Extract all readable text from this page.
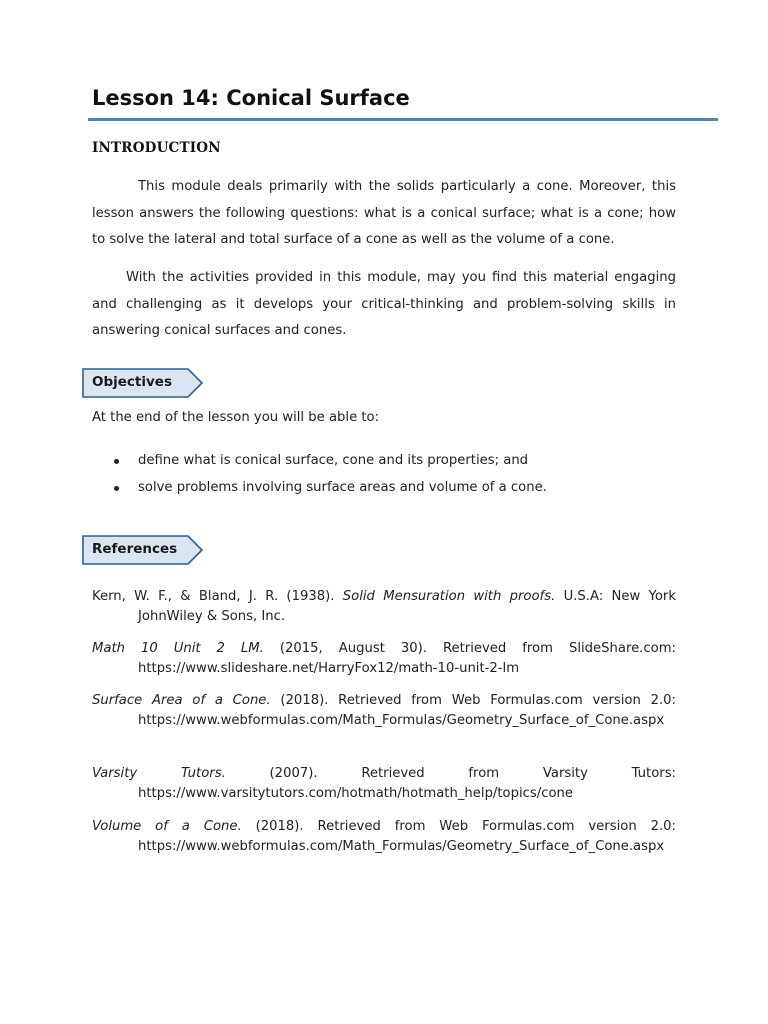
Lesson 14: Conical Surface
INTRODUCTION

This module deals primarily with the solids particularly a cone. Moreover, this lesson answers the following questions: what is a conical surface; what is a cone; how to solve the lateral and total surface of a cone as well as the volume of a cone.

With the activities provided in this module, may you find this material engaging and challenging as it develops your critical-thinking and problem-solving skills in answering conical surfaces and cones.

Objectives

At the end of the lesson you will be able to:

define what is conical surface, cone and its properties; and
solve problems involving surface areas and volume of a cone.
References
Kern, W. F., & Bland, J. R. (1938). Solid Mensuration with proofs. U.S.A: New York
JohnWiley & Sons, Inc.
Math 10 Unit 2 LM. (2015, August 30). Retrieved from SlideShare.com:
https://www.slideshare.net/HarryFox12/math-10-unit-2-lm
Surface Area of a Cone. (2018). Retrieved from Web Formulas.com version 2.0:
https://www.webformulas.com/Math_Formulas/Geometry_Surface_of_Cone.aspx
Varsity Tutors.	(2007). Retrieved from Varsity Tutors:
https://www.varsitytutors.com/hotmath/hotmath_help/topics/cone
Volume of a Cone. (2018). Retrieved from Web Formulas.com version 2.0:
https://www.webformulas.com/Math_Formulas/Geometry_Surface_of_Cone.aspx
